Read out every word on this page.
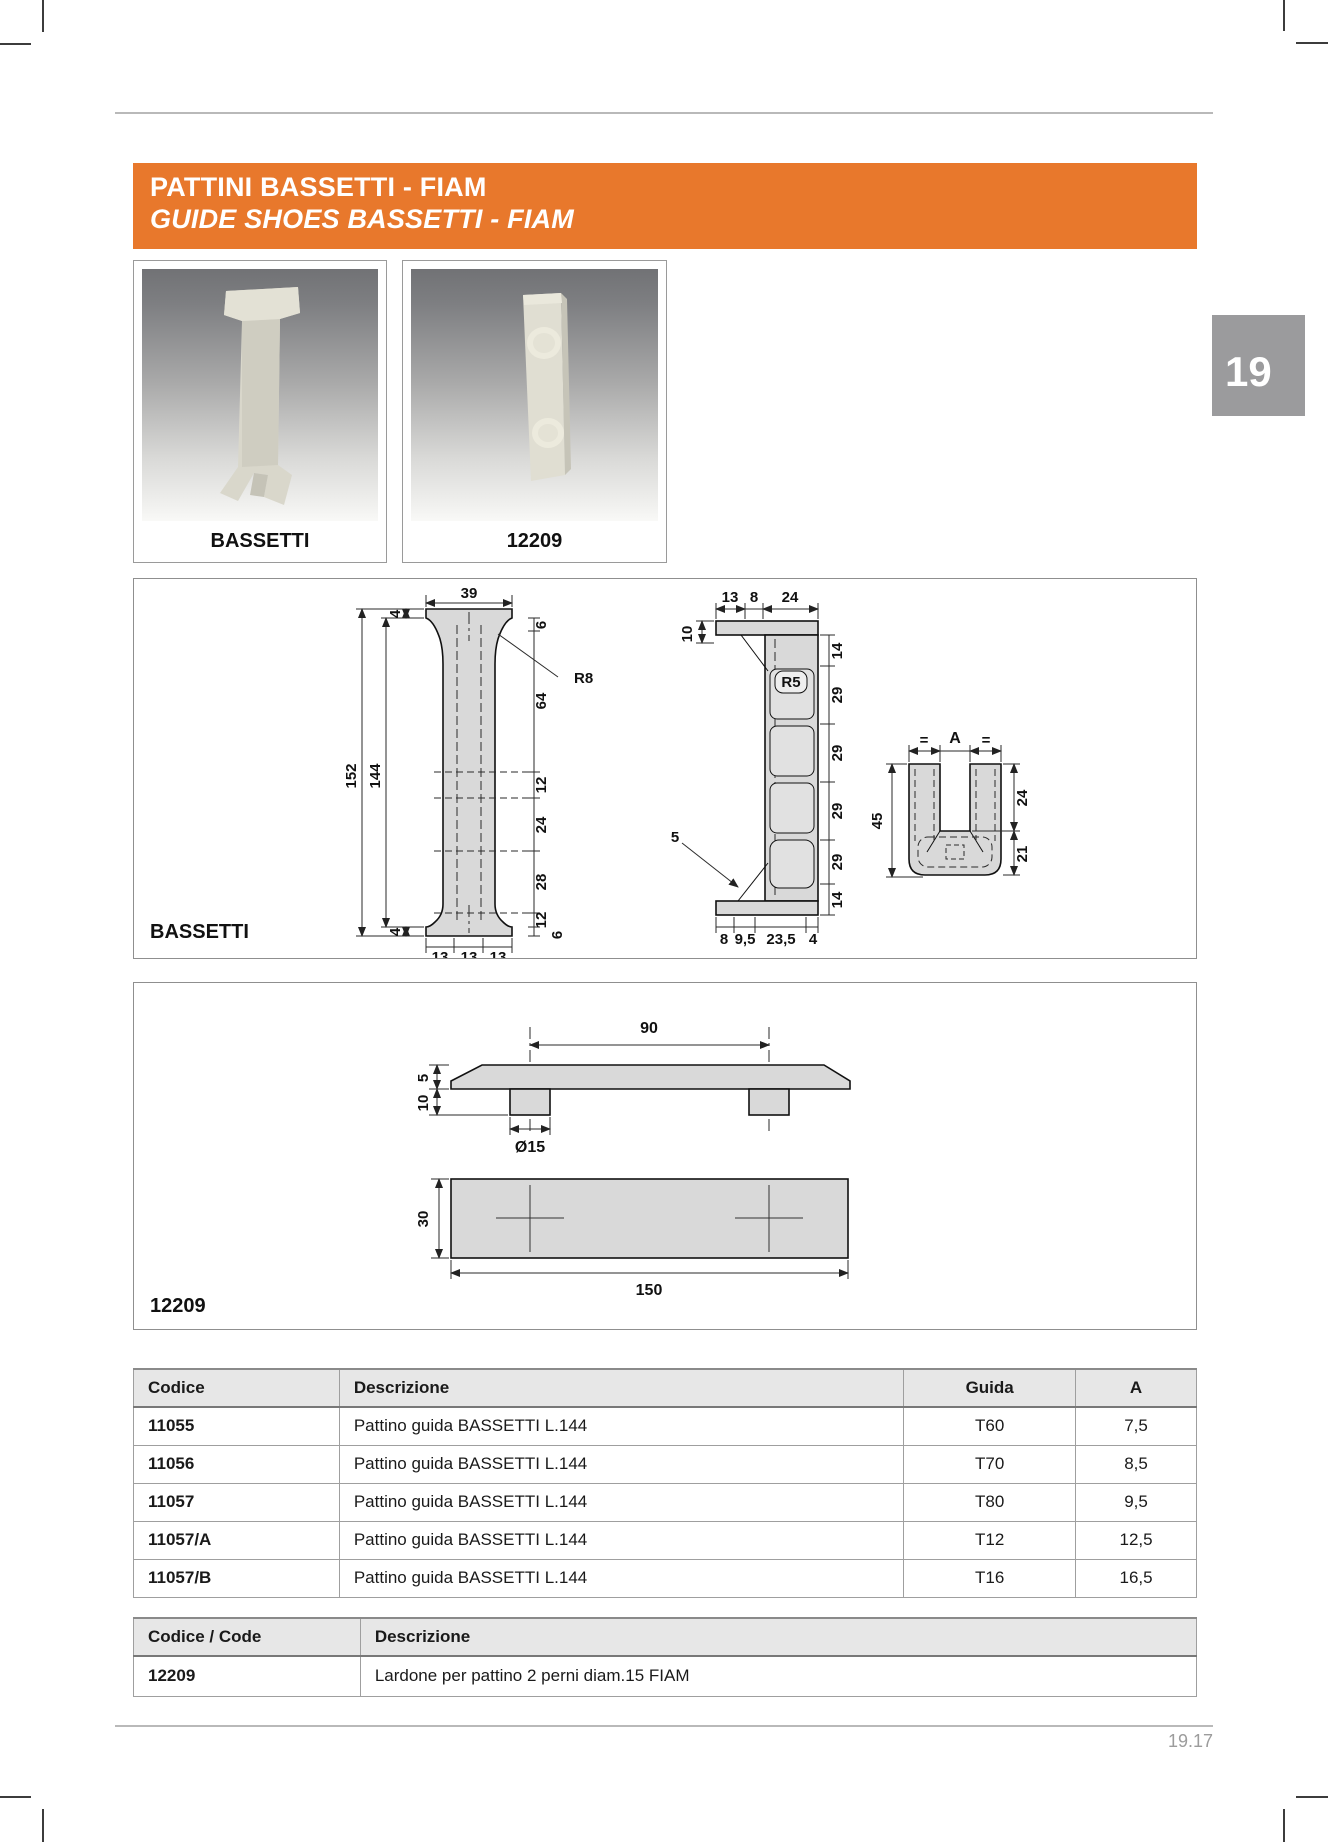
PATTINI BASSETTI - FIAM
GUIDE SHOES BASSETTI - FIAM
19
BASSETTI	12209
39
152 144
4
4
6
64
12
24
28
12
6
R8
13 13 13
13 8 24
10
R5
14
29
29
29
29
14
5
8 9,5 23,5 4
= A =
45
24
21
BASSETTI
90
5
10
Ø15
30
150
12209
Codice	Descrizione	Guida	A
11055	Pattino guida BASSETTI L.144	T60	7,5
11056	Pattino guida BASSETTI L.144	T70	8,5
11057	Pattino guida BASSETTI L.144	T80	9,5
11057/A	Pattino guida BASSETTI L.144	T12	12,5
11057/B	Pattino guida BASSETTI L.144	T16	16,5
Codice / Code	Descrizione
12209	Lardone per pattino 2 perni diam.15 FIAM
19.17
